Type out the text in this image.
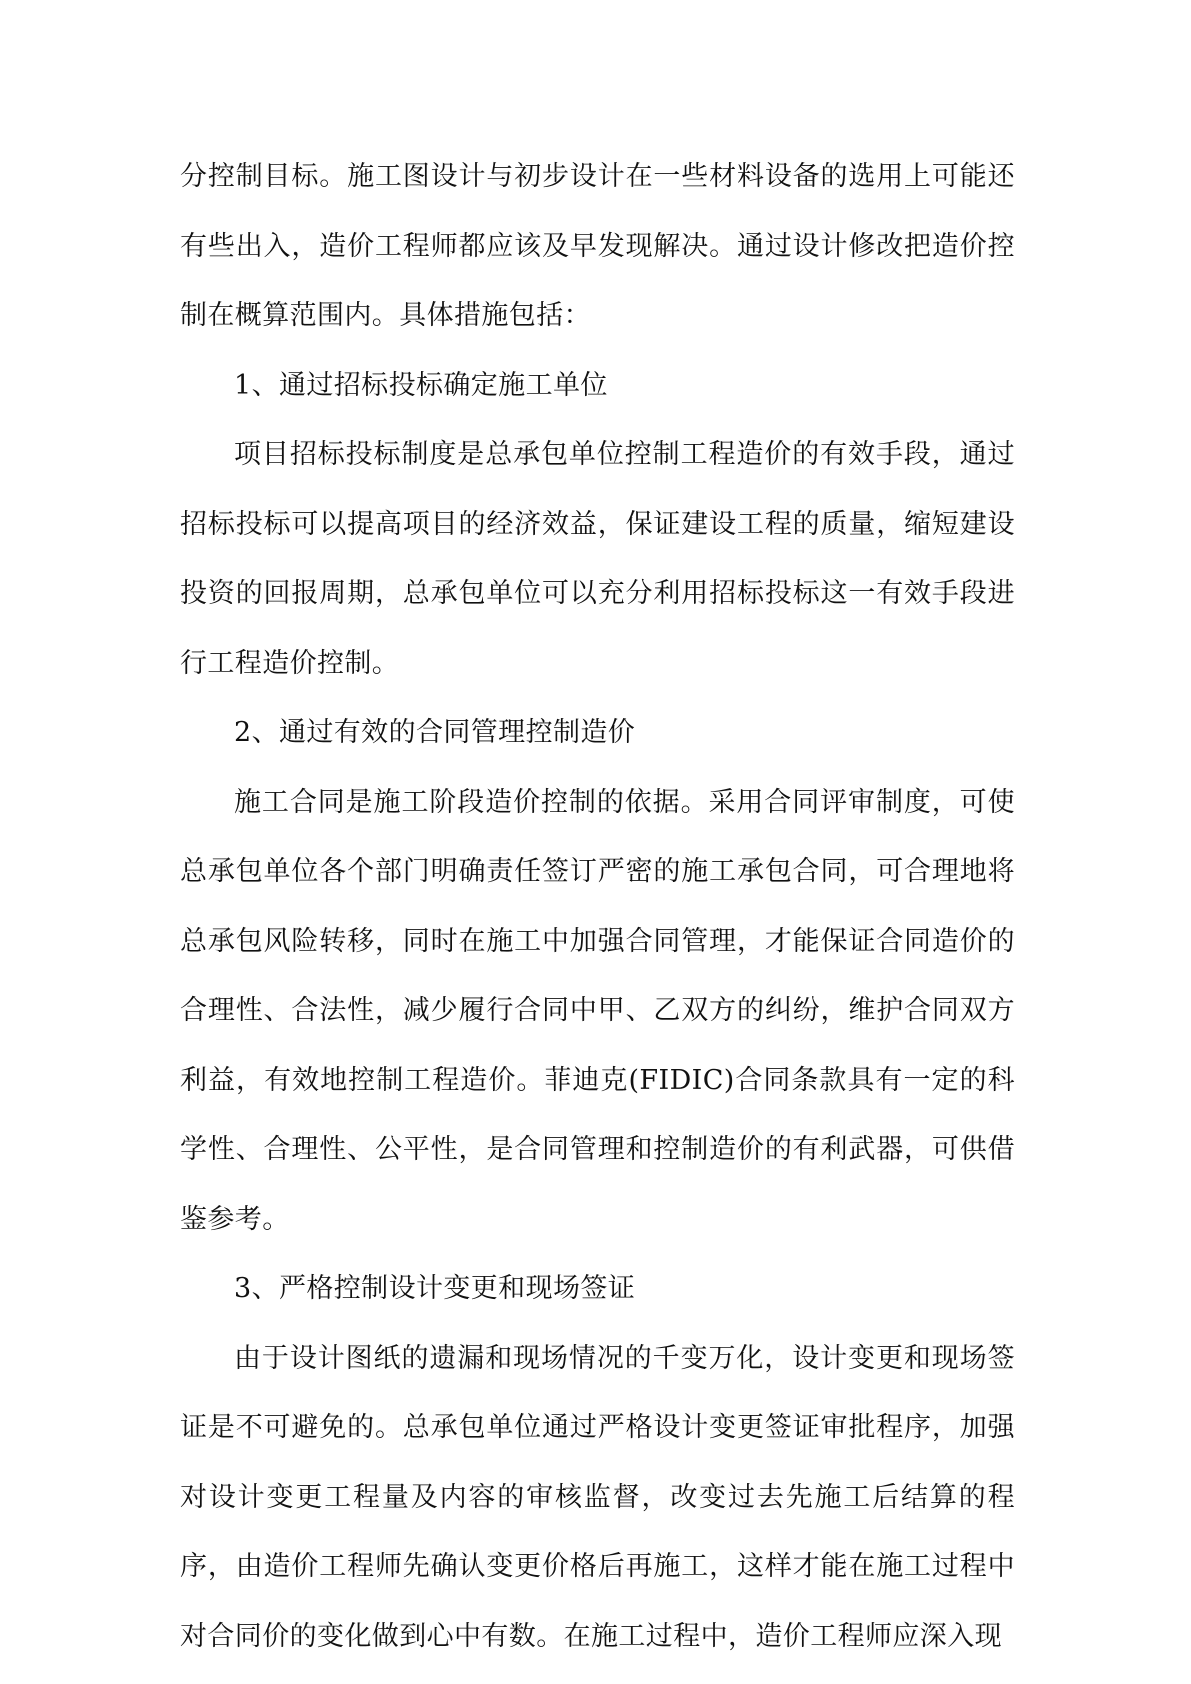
分控制目标。施工图设计与初步设计在一些材料设备的选用上可能还有些出入，造价工程师都应该及早发现解决。通过设计修改把造价控制在概算范围内。具体措施包括：

1、通过招标投标确定施工单位

项目招标投标制度是总承包单位控制工程造价的有效手段，通过招标投标可以提高项目的经济效益，保证建设工程的质量，缩短建设投资的回报周期，总承包单位可以充分利用招标投标这一有效手段进行工程造价控制。

2、通过有效的合同管理控制造价

施工合同是施工阶段造价控制的依据。采用合同评审制度，可使总承包单位各个部门明确责任签订严密的施工承包合同，可合理地将总承包风险转移，同时在施工中加强合同管理，才能保证合同造价的合理性、合法性，减少履行合同中甲、乙双方的纠纷，维护合同双方利益，有效地控制工程造价。菲迪克(FIDIC)合同条款具有一定的科学性、合理性、公平性，是合同管理和控制造价的有利武器，可供借鉴参考。

3、严格控制设计变更和现场签证

由于设计图纸的遗漏和现场情况的千变万化，设计变更和现场签证是不可避免的。总承包单位通过严格设计变更签证审批程序，加强对设计变更工程量及内容的审核监督，改变过去先施工后结算的程序，由造价工程师先确认变更价格后再施工，这样才能在施工过程中对合同价的变化做到心中有数。在施工过程中，造价工程师应深入现
